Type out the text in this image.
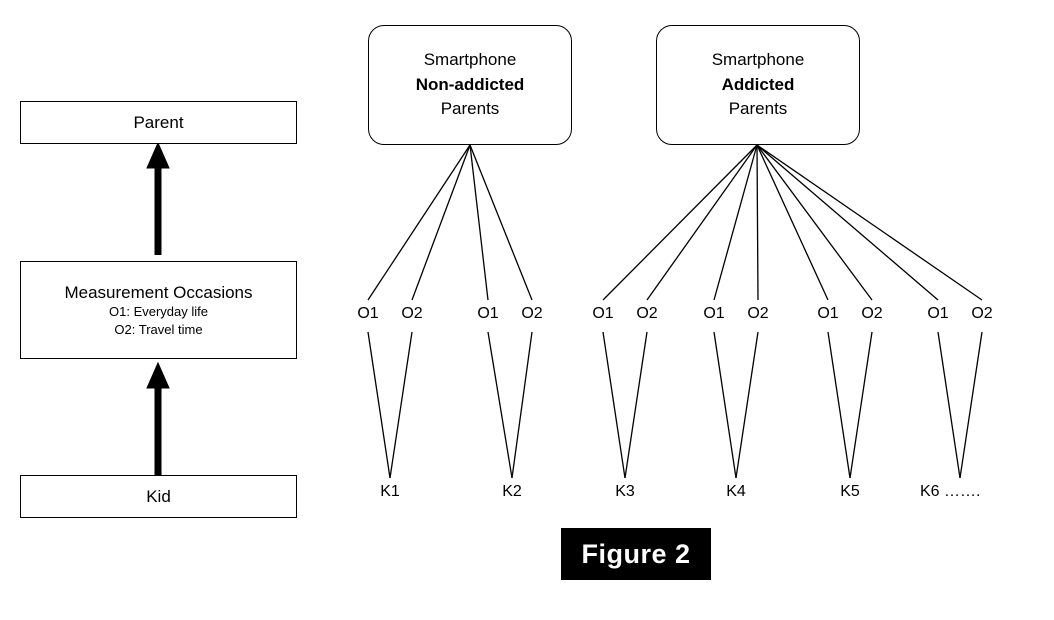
Parent
Measurement Occasions
O1: Everyday life
O2: Travel time
Kid
Smartphone
Non-addicted
Parents
Smartphone
Addicted
Parents
O1	O2	O1	O2	O1	O2	O1	O2	O1	O2	O1	O2
K1	K2	K3	K4	K5	K6 …….
Figure 2
